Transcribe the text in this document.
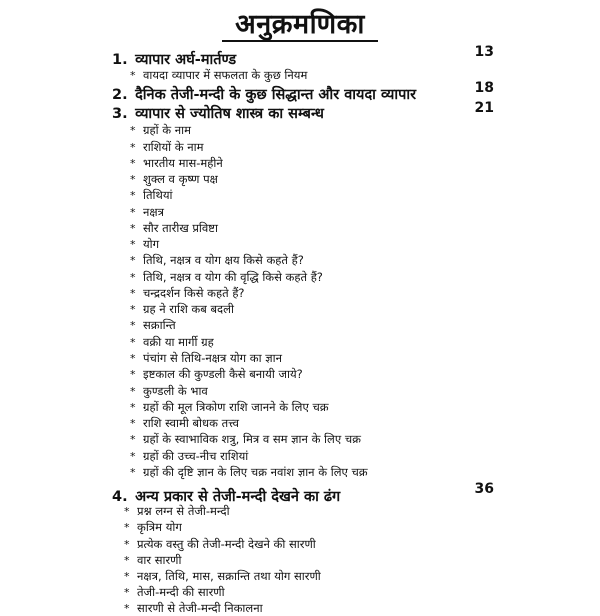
अनुक्रमणिका
1. व्यापार अर्घ-मार्तण्ड	13
* वायदा व्यापार में सफलता के कुछ नियम
2. दैनिक तेजी-मन्दी के कुछ सिद्धान्त और वायदा व्यापार	18
3. व्यापार से ज्योतिष शास्त्र का सम्बन्ध	21
* ग्रहों के नाम
* राशियों के नाम
* भारतीय मास-महीने
* शुक्ल व कृष्ण पक्ष
* तिथियां
* नक्षत्र
* सौर तारीख प्रविष्टा
* योग
* तिथि, नक्षत्र व योग क्षय किसे कहते हैं?
* तिथि, नक्षत्र व योग की वृद्धि किसे कहते हैं?
* चन्द्रदर्शन किसे कहते हैं?
* ग्रह ने राशि कब बदली
* सक्रान्ति
* वक्री या मार्गी ग्रह
* पंचांग से तिथि-नक्षत्र योग का ज्ञान
* इष्टकाल की कुण्डली कैसे बनायी जाये?
* कुण्डली के भाव
* ग्रहों की मूल त्रिकोण राशि जानने के लिए चक्र
* राशि स्वामी बोधक तत्त्व
* ग्रहों के स्वाभाविक शत्रु, मित्र व सम ज्ञान के लिए चक्र
* ग्रहों की उच्च-नीच राशियां
* ग्रहों की दृष्टि ज्ञान के लिए चक्र नवांश ज्ञान के लिए चक्र
4. अन्य प्रकार से तेजी-मन्दी देखने का ढंग	36
* प्रश्न लग्न से तेजी-मन्दी
* कृत्रिम योग
* प्रत्येक वस्तु की तेजी-मन्दी देखने की सारणी
* वार सारणी
* नक्षत्र, तिथि, मास, सक्रान्ति तथा योग सारणी
* तेजी-मन्दी की सारणी
* सारणी से तेजी-मन्दी निकालना
